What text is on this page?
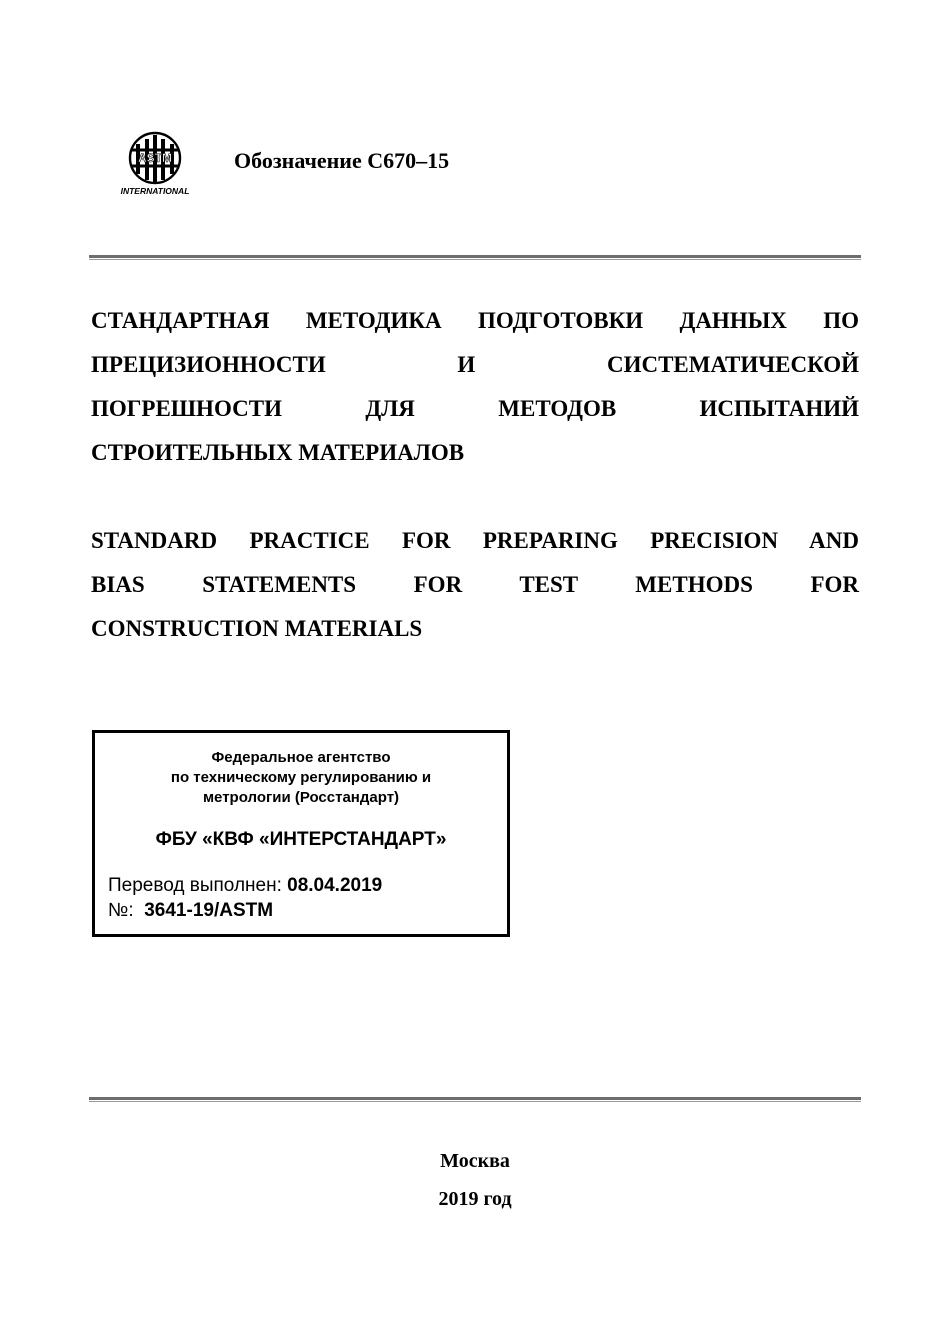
ASTM
INTERNATIONAL
Обозначение C670–15
СТАНДАРТНАЯ МЕТОДИКА ПОДГОТОВКИ ДАННЫХ ПО
ПРЕЦИЗИОННОСТИ И СИСТЕМАТИЧЕСКОЙ
ПОГРЕШНОСТИ ДЛЯ МЕТОДОВ ИСПЫТАНИЙ
СТРОИТЕЛЬНЫХ МАТЕРИАЛОВ
STANDARD PRACTICE FOR PREPARING PRECISION AND
BIAS STATEMENTS FOR TEST METHODS FOR
CONSTRUCTION MATERIALS
Федеральное агентство
по техническому регулированию и
метрологии (Росстандарт)
ФБУ «КВФ «ИНТЕРСТАНДАРТ»
Перевод выполнен: 08.04.2019
№: 3641-19/ASTM
Москва
2019 год
